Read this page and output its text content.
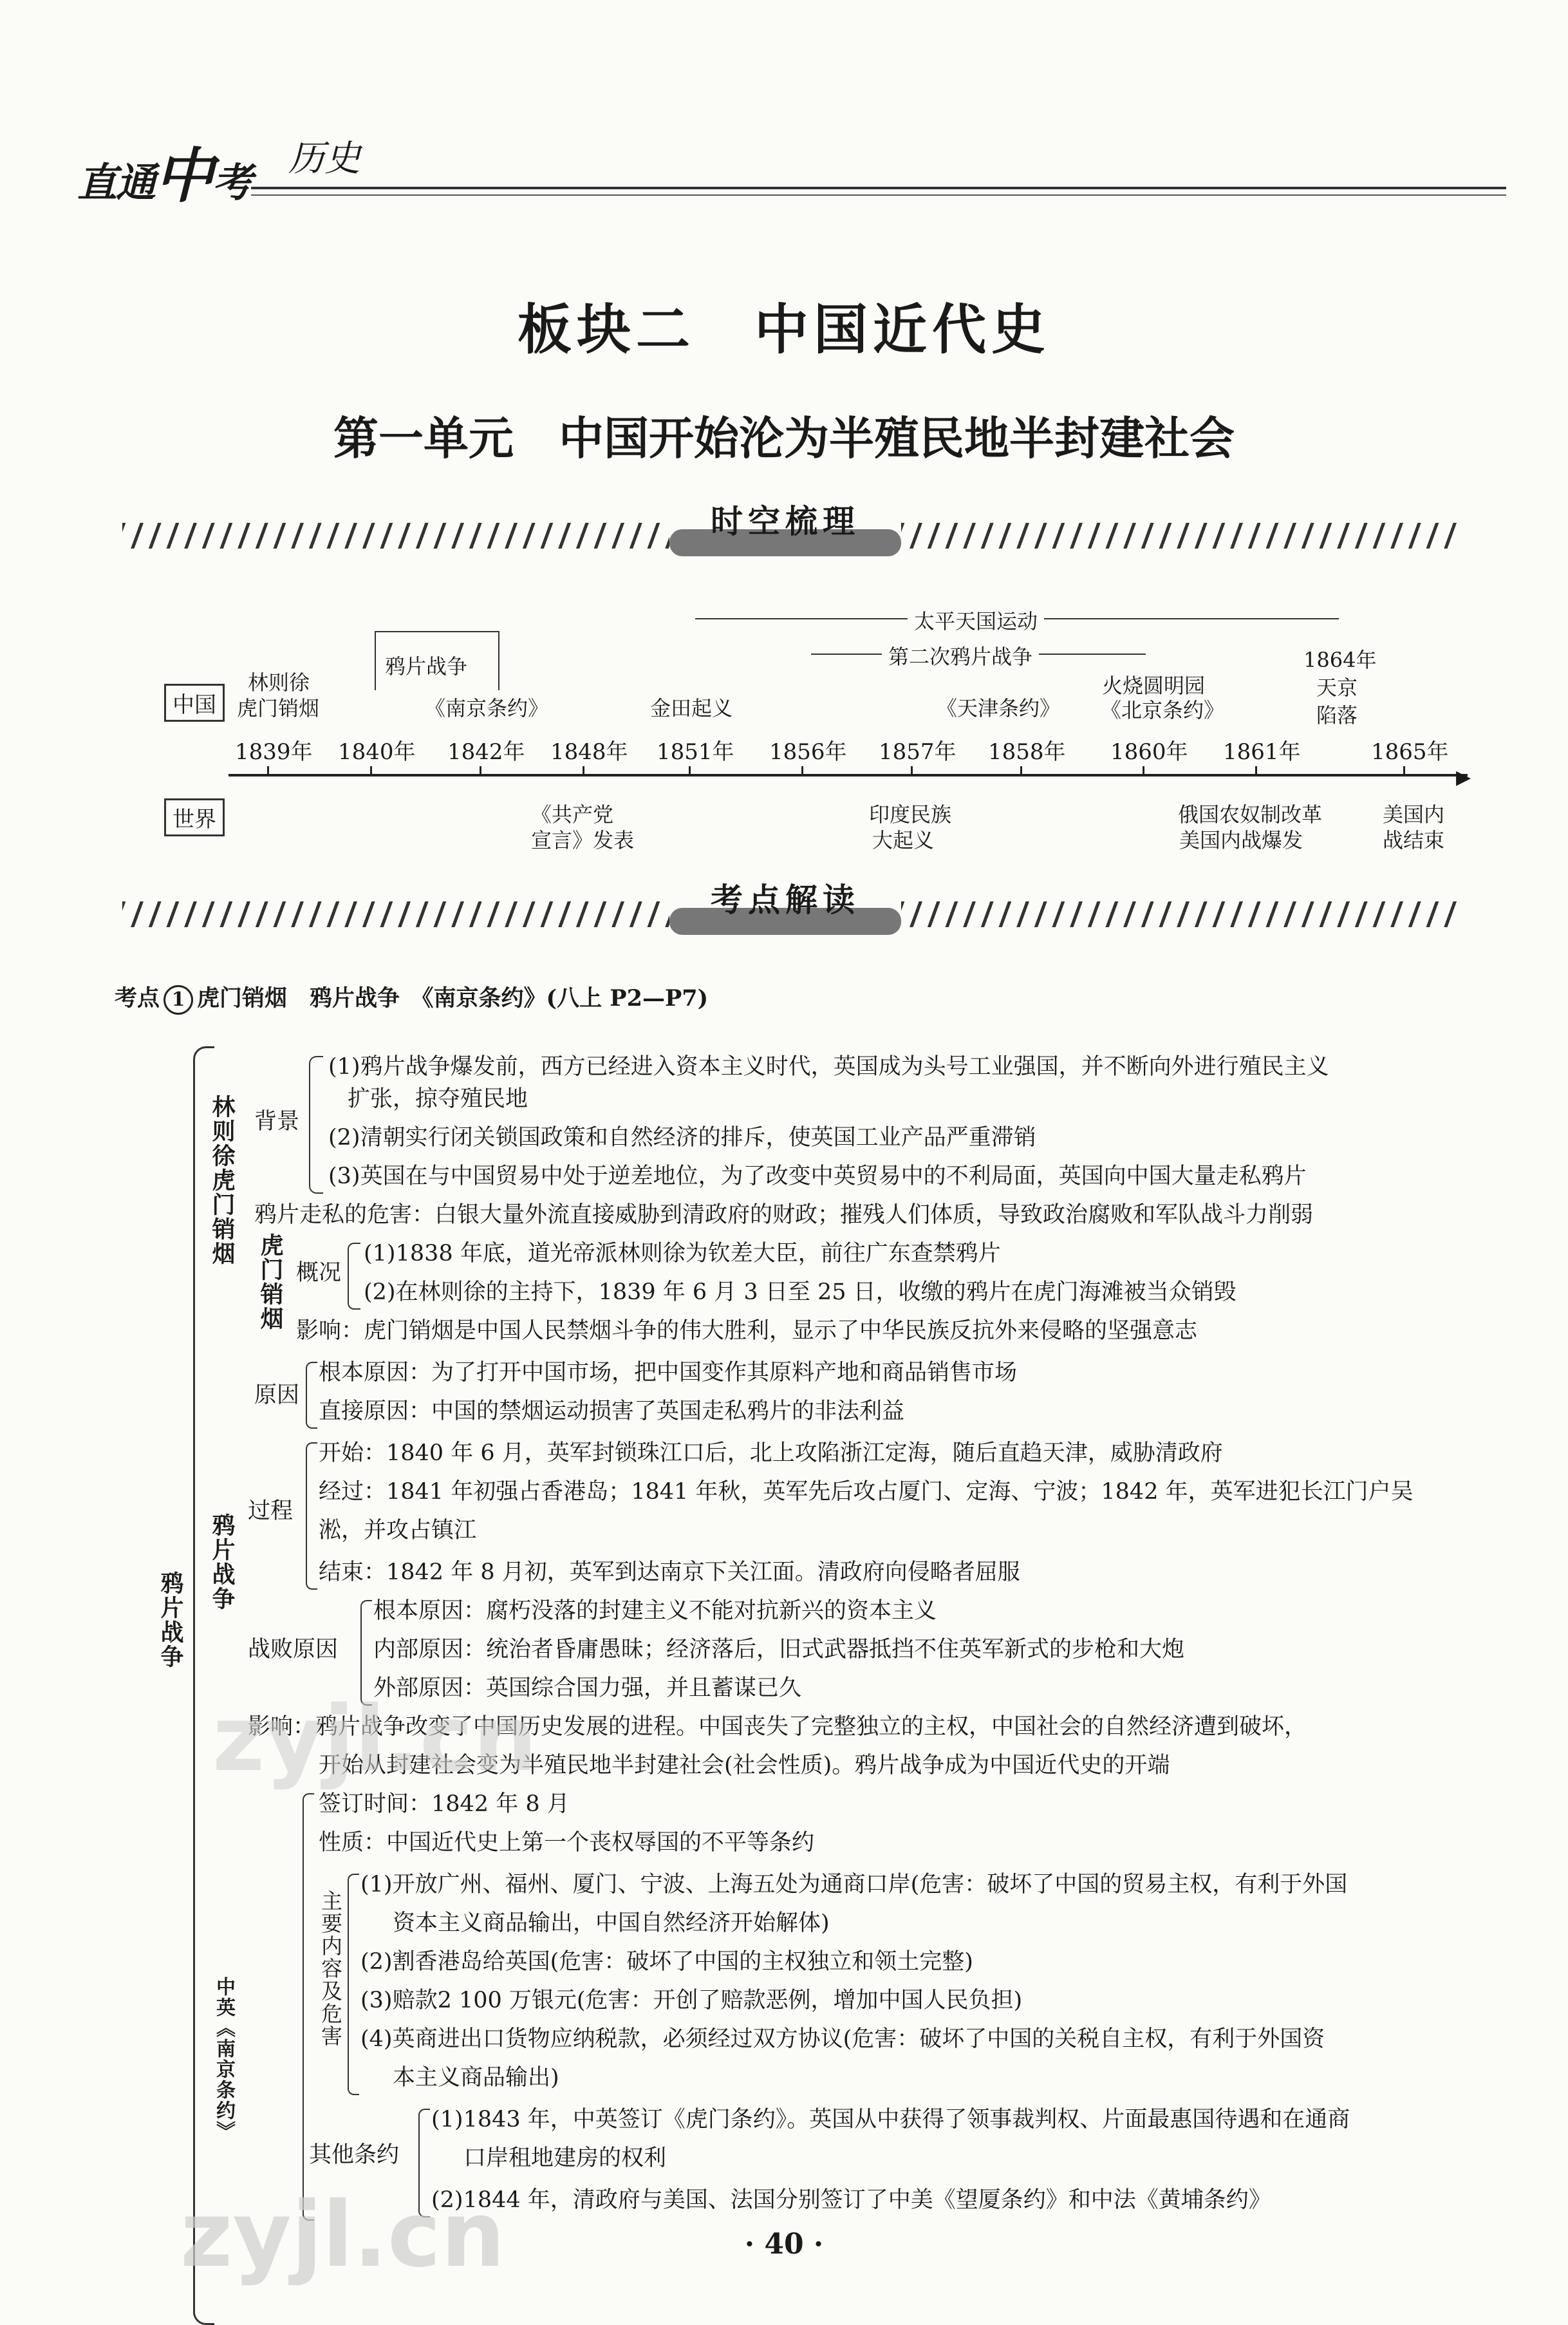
直通中考
历史
板块二　中国近代史
第一单元　中国开始沦为半殖民地半封建社会
时空梳理
中国
世界
▶
1839年 1840年 1842年 1848年 1851年 1856年 1857年 1858年 1860年 1861年	1865年
太平天国运动
第二次鸦片战争
鸦片战争
林则徐
虎门销烟	《南京条约》	金田起义	《天津条约》
火烧圆明园
《北京条约》
1864年
天京
陷落
《共产党
宣言》发表
印度民族
大起义
俄国农奴制改革
美国内战爆发
美国内
战结束
考点解读
考点 1 虎门销烟　鸦片战争　《南京条约》(八上 P2—P7)
鸦片战争
林则徐虎门销烟
鸦片战争
虎门销烟
中英《南京条约》
主要内容及危害
背景
(1)鸦片战争爆发前，西方已经进入资本主义时代，英国成为头号工业强国，并不断向外进行殖民主义
扩张，掠夺殖民地
(2)清朝实行闭关锁国政策和自然经济的排斥，使英国工业产品严重滞销
(3)英国在与中国贸易中处于逆差地位，为了改变中英贸易中的不利局面，英国向中国大量走私鸦片
鸦片走私的危害：白银大量外流直接威胁到清政府的财政；摧残人们体质，导致政治腐败和军队战斗力削弱
概况
(1)1838 年底，道光帝派林则徐为钦差大臣，前往广东查禁鸦片
(2)在林则徐的主持下，1839 年 6 月 3 日至 25 日，收缴的鸦片在虎门海滩被当众销毁
影响：虎门销烟是中国人民禁烟斗争的伟大胜利，显示了中华民族反抗外来侵略的坚强意志
原因
根本原因：为了打开中国市场，把中国变作其原料产地和商品销售市场
直接原因：中国的禁烟运动损害了英国走私鸦片的非法利益
过程
开始：1840 年 6 月，英军封锁珠江口后，北上攻陷浙江定海，随后直趋天津，威胁清政府
经过：1841 年初强占香港岛；1841 年秋，英军先后攻占厦门、定海、宁波；1842 年，英军进犯长江门户吴
淞，并攻占镇江
结束：1842 年 8 月初，英军到达南京下关江面。清政府向侵略者屈服
战败原因
根本原因：腐朽没落的封建主义不能对抗新兴的资本主义
内部原因：统治者昏庸愚昧；经济落后，旧式武器抵挡不住英军新式的步枪和大炮
外部原因：英国综合国力强，并且蓄谋已久
影响：鸦片战争改变了中国历史发展的进程。中国丧失了完整独立的主权，中国社会的自然经济遭到破坏，
开始从封建社会变为半殖民地半封建社会(社会性质)。鸦片战争成为中国近代史的开端
签订时间：1842 年 8 月
性质：中国近代史上第一个丧权辱国的不平等条约
(1)开放广州、福州、厦门、宁波、上海五处为通商口岸(危害：破坏了中国的贸易主权，有利于外国
资本主义商品输出，中国自然经济开始解体)
(2)割香港岛给英国(危害：破坏了中国的主权独立和领土完整)
(3)赔款2 100 万银元(危害：开创了赔款恶例，增加中国人民负担)
(4)英商进出口货物应纳税款，必须经过双方协议(危害：破坏了中国的关税自主权，有利于外国资
本主义商品输出)
其他条约
(1)1843 年，中英签订《虎门条约》。英国从中获得了领事裁判权、片面最惠国待遇和在通商
口岸租地建房的权利
(2)1844 年，清政府与美国、法国分别签订了中美《望厦条约》和中法《黄埔条约》
zyjl.cn
zyjl.cn	· 40 ·
